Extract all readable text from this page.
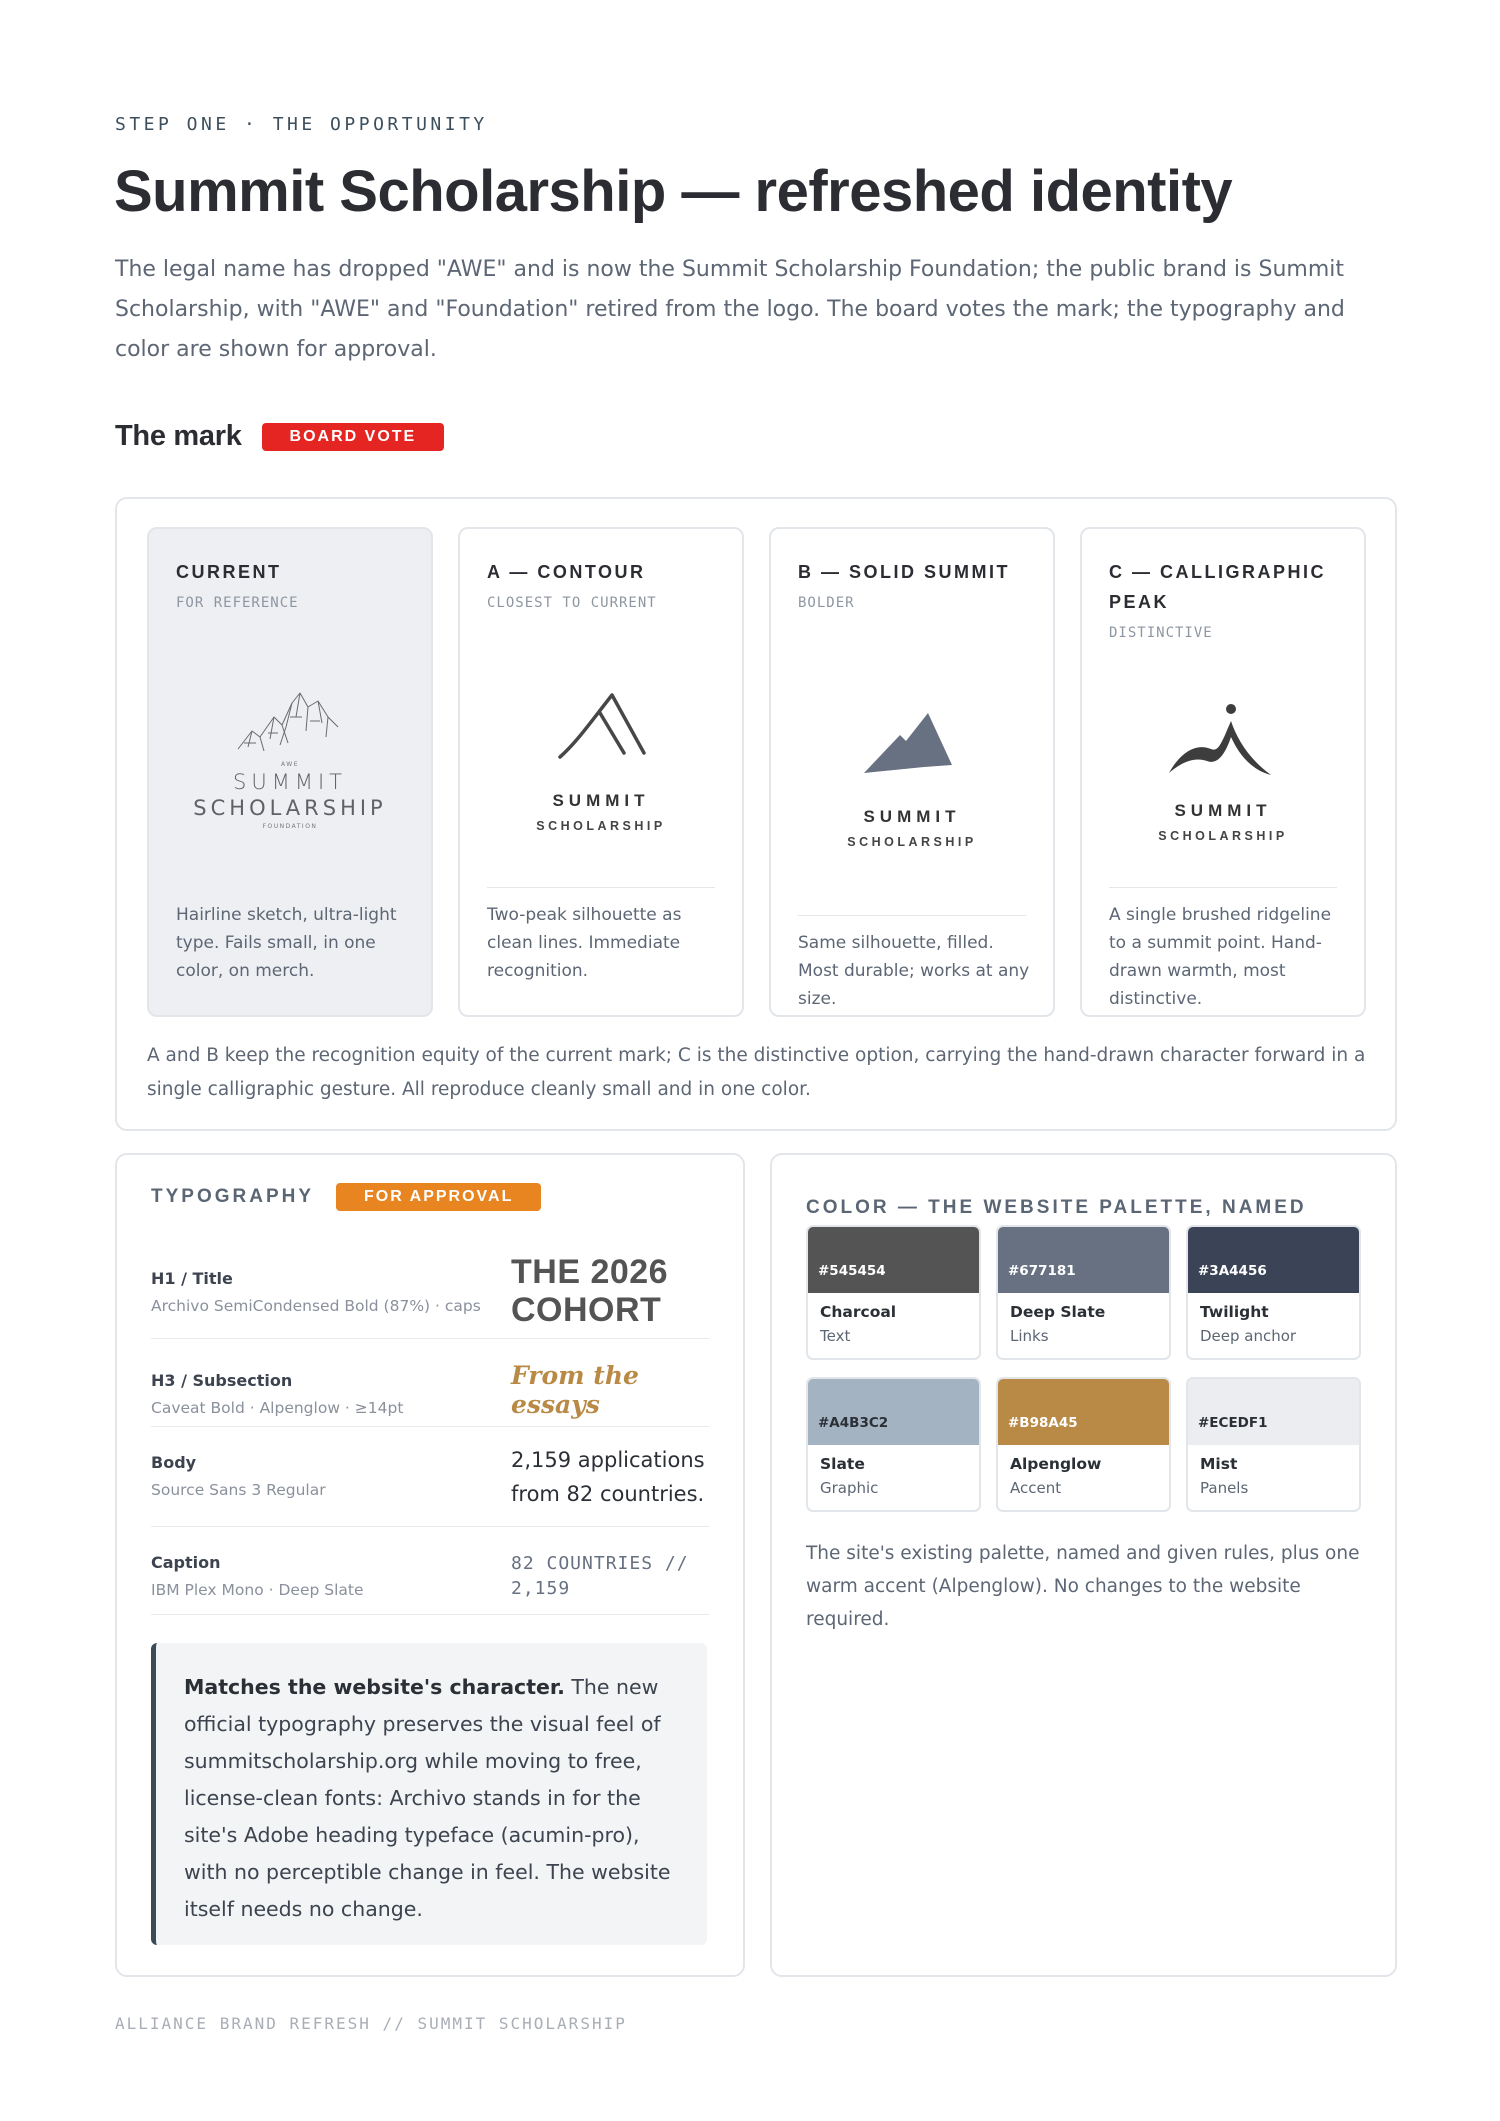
STEP ONE · THE OPPORTUNITY
Summit Scholarship — refreshed identity

The legal name has dropped "AWE" and is now the Summit Scholarship Foundation; the public brand is Summit Scholarship, with "AWE" and "Foundation" retired from the logo. The board votes the mark; the typography and color are shown for approval.

The mark	BOARD VOTE
CURRENT
FOR REFERENCE
AWE
SUMMIT
SCHOLARSHIP
FOUNDATION
Hairline sketch, ultra-light type. Fails small, in one color, on merch.
A — CONTOUR
CLOSEST TO CURRENT
SUMMIT
SCHOLARSHIP
Two-peak silhouette as clean lines. Immediate recognition.
B — SOLID SUMMIT
BOLDER
SUMMIT
SCHOLARSHIP
Same silhouette, filled. Most durable; works at any size.
C — CALLIGRAPHIC PEAK
DISTINCTIVE
SUMMIT
SCHOLARSHIP
A single brushed ridgeline to a summit point. Hand-drawn warmth, most distinctive.

A and B keep the recognition equity of the current mark; C is the distinctive option, carrying the hand-drawn character forward in a single calligraphic gesture. All reproduce cleanly small and in one color.

TYPOGRAPHY	FOR APPROVAL
H1 / Title
Archivo SemiCondensed Bold (87%) · caps
THE 2026 COHORT
H3 / Subsection
Caveat Bold · Alpenglow · ≥14pt
From the essays
Body
Source Sans 3 Regular
2,159 applications from 82 countries.
Caption
IBM Plex Mono · Deep Slate
82 COUNTRIES // 2,159
Matches the website's character. The new official typography preserves the visual feel of summitscholarship.org while moving to free, license-clean fonts: Archivo stands in for the site's Adobe heading typeface (acumin-pro), with no perceptible change in feel. The website itself needs no change.
COLOR — THE WEBSITE PALETTE, NAMED
#545454
Charcoal
Text
#677181
Deep Slate
Links
#3A4456
Twilight
Deep anchor
#A4B3C2
Slate
Graphic
#B98A45
Alpenglow
Accent
#ECEDF1
Mist
Panels

The site's existing palette, named and given rules, plus one warm accent (Alpenglow). No changes to the website required.

ALLIANCE BRAND REFRESH // SUMMIT SCHOLARSHIP
